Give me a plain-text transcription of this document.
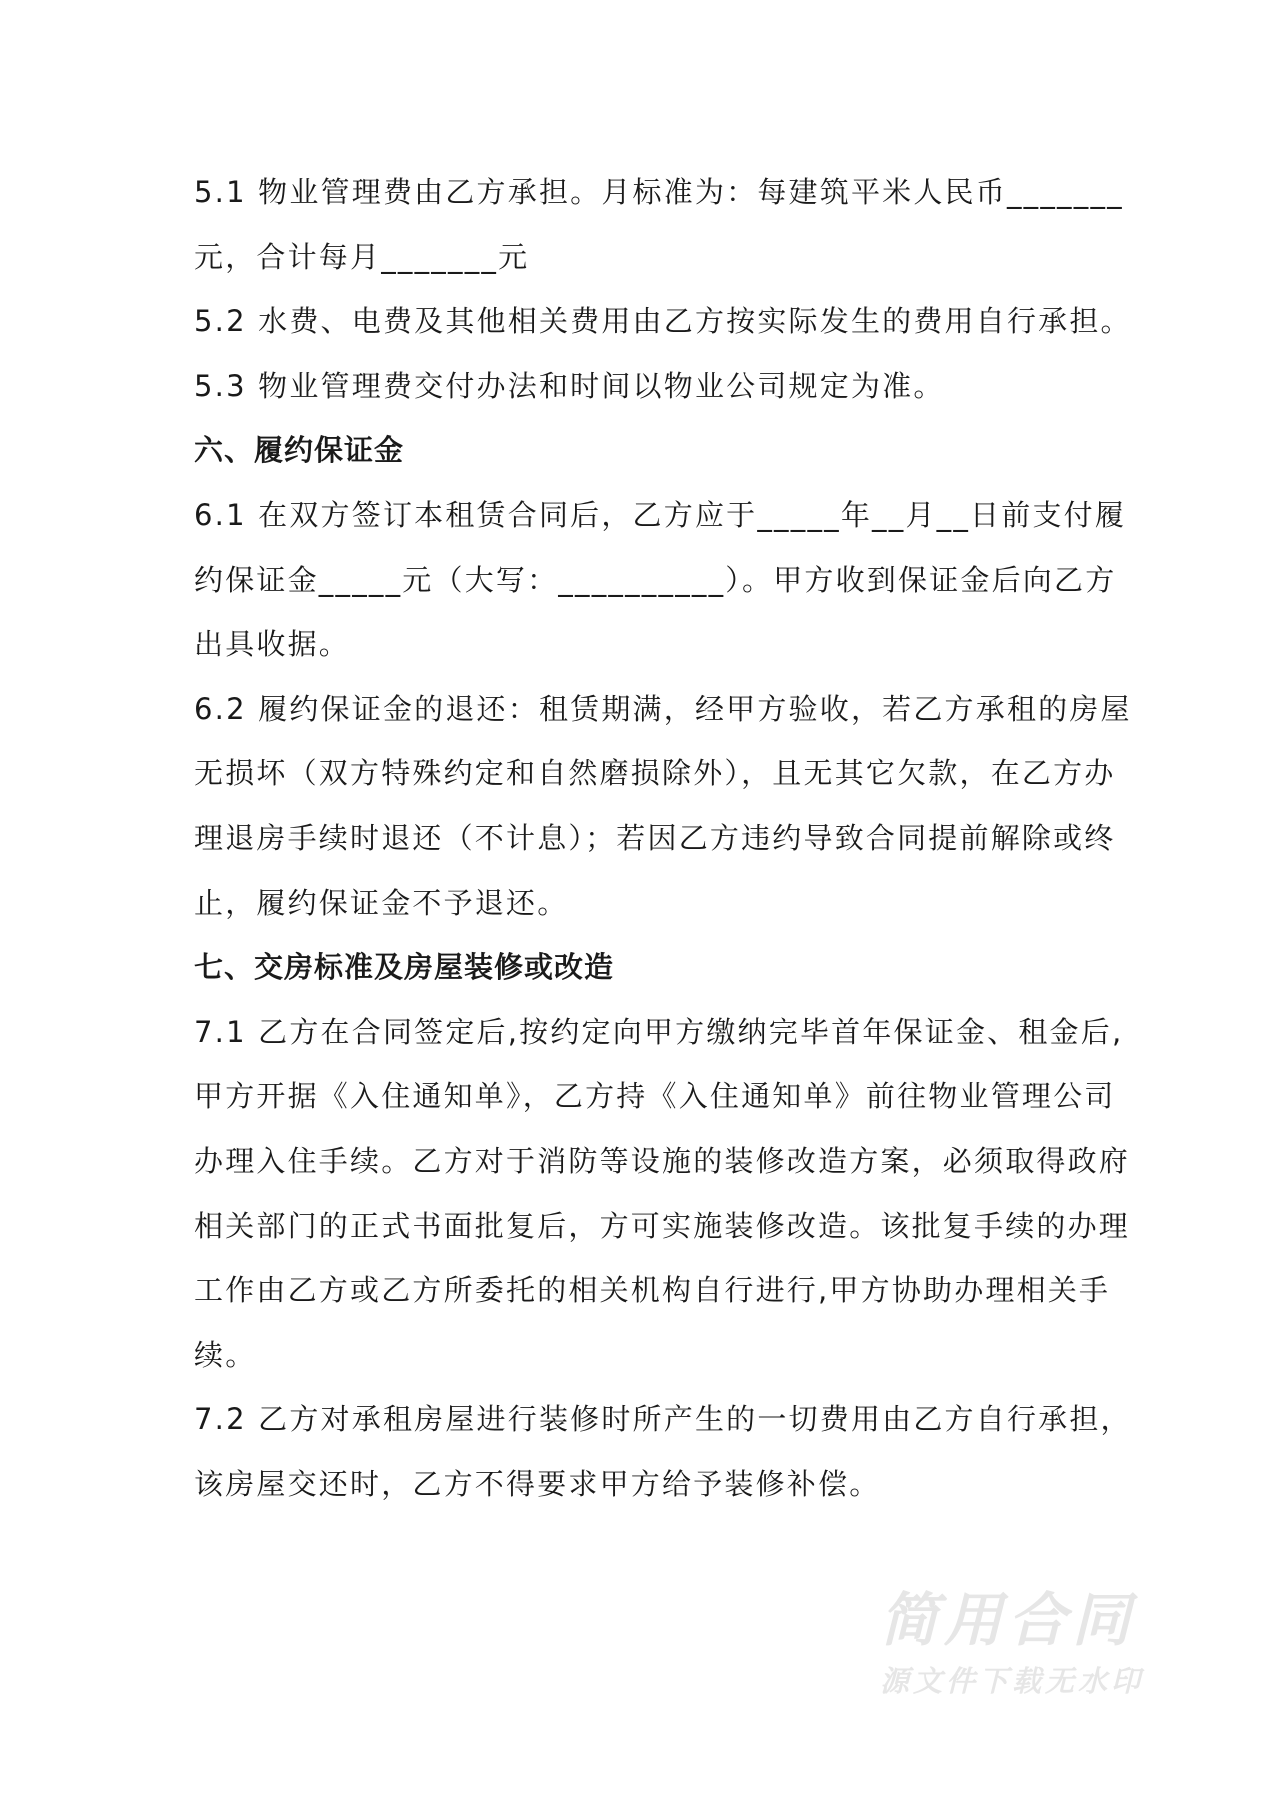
5.1 物业管理费由乙方承担。月标准为：每建筑平米人民币_______
元，合计每月_______元
5.2 水费、电费及其他相关费用由乙方按实际发生的费用自行承担。
5.3 物业管理费交付办法和时间以物业公司规定为准。
六、履约保证金
6.1 在双方签订本租赁合同后，乙方应于_____年__月__日前支付履
约保证金_____元（大写：__________）。甲方收到保证金后向乙方
出具收据。
6.2 履约保证金的退还：租赁期满，经甲方验收，若乙方承租的房屋
无损坏（双方特殊约定和自然磨损除外），且无其它欠款，在乙方办
理退房手续时退还（不计息）；若因乙方违约导致合同提前解除或终
止，履约保证金不予退还。
七、交房标准及房屋装修或改造
7.1 乙方在合同签定后,按约定向甲方缴纳完毕首年保证金、租金后,
甲方开据《入住通知单》，乙方持《入住通知单》前往物业管理公司
办理入住手续。乙方对于消防等设施的装修改造方案，必须取得政府
相关部门的正式书面批复后，方可实施装修改造。该批复手续的办理
工作由乙方或乙方所委托的相关机构自行进行,甲方协助办理相关手
续。
7.2 乙方对承租房屋进行装修时所产生的一切费用由乙方自行承担，
该房屋交还时，乙方不得要求甲方给予装修补偿。
简用合同
源文件下载无水印
